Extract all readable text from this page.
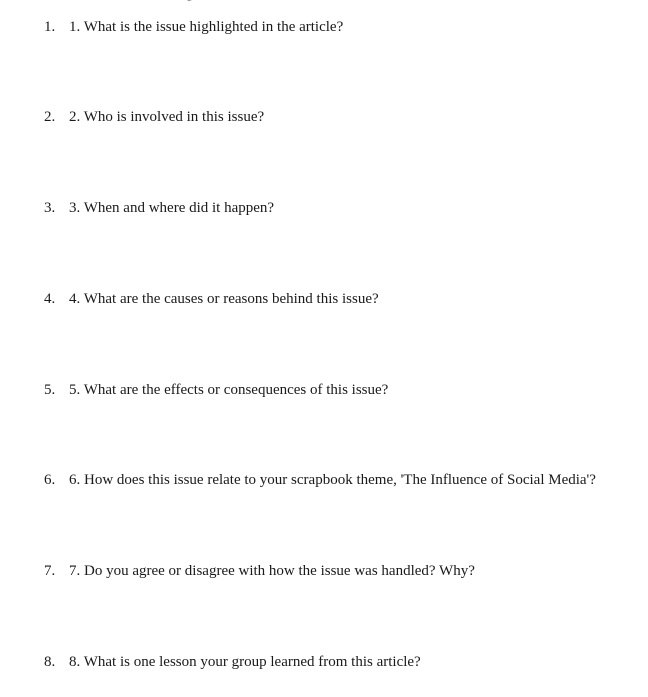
1. 1. What is the issue highlighted in the article?
2. 2. Who is involved in this issue?
3. 3. When and where did it happen?
4. 4. What are the causes or reasons behind this issue?
5. 5. What are the effects or consequences of this issue?
6. 6. How does this issue relate to your scrapbook theme, 'The Influence of Social Media'?
7. 7. Do you agree or disagree with how the issue was handled? Why?
8. 8. What is one lesson your group learned from this article?
